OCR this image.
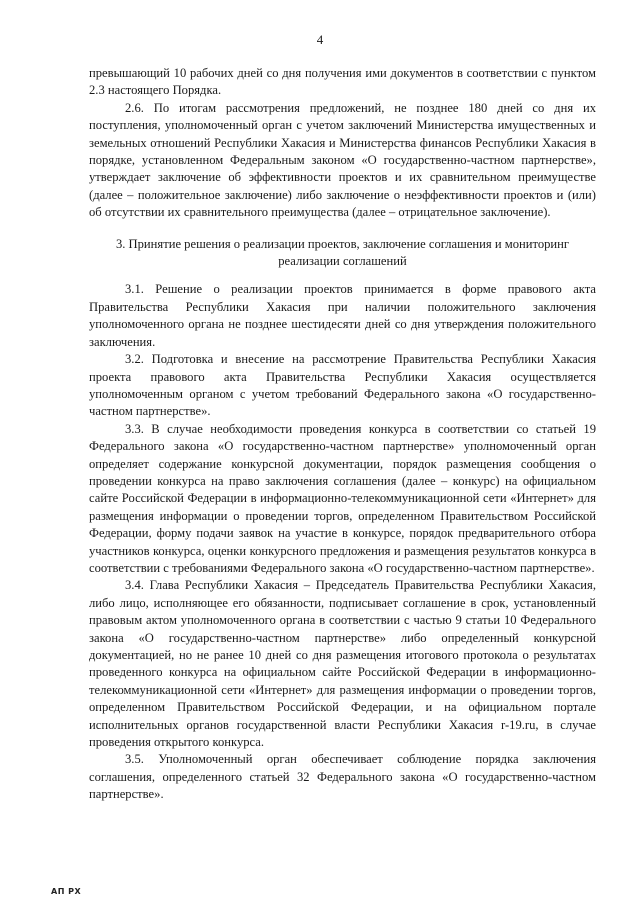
4

превышающий 10 рабочих дней со дня получения ими документов в соответствии с пунктом 2.3 настоящего Порядка.

2.6. По итогам рассмотрения предложений, не позднее 180 дней со дня их поступления, уполномоченный орган с учетом заключений Министерства имущественных и земельных отношений Республики Хакасия и Министерства финансов Республики Хакасия в порядке, установленном Федеральным законом «О государственно-частном партнерстве», утверждает заключение об эффективности проектов и их сравнительном преимуществе (далее – положительное заключение) либо заключение о неэффективности проектов и (или) об отсутствии их сравнительного преимущества (далее – отрицательное заключение).

3. Принятие решения о реализации проектов, заключение соглашения и мониторинг реализации соглашений

3.1. Решение о реализации проектов принимается в форме правового акта Правительства Республики Хакасия при наличии положительного заключения уполномоченного органа не позднее шестидесяти дней со дня утверждения положительного заключения.

3.2. Подготовка и внесение на рассмотрение Правительства Республики Хакасия проекта правового акта Правительства Республики Хакасия осуществляется уполномоченным органом с учетом требований Федерального закона «О государственно-частном партнерстве».

3.3. В случае необходимости проведения конкурса в соответствии со статьей 19 Федерального закона «О государственно-частном партнерстве» уполномоченный орган определяет содержание конкурсной документации, порядок размещения сообщения о проведении конкурса на право заключения соглашения (далее – конкурс) на официальном сайте Российской Федерации в информационно-телекоммуникационной сети «Интернет» для размещения информации о проведении торгов, определенном Правительством Российской Федерации, форму подачи заявок на участие в конкурсе, порядок предварительного отбора участников конкурса, оценки конкурсного предложения и размещения результатов конкурса в соответствии с требованиями Федерального закона «О государственно-частном партнерстве».

3.4. Глава Республики Хакасия – Председатель Правительства Республики Хакасия, либо лицо, исполняющее его обязанности, подписывает соглашение в срок, установленный правовым актом уполномоченного органа в соответствии с частью 9 статьи 10 Федерального закона «О государственно-частном партнерстве» либо определенный конкурсной документацией, но не ранее 10 дней со дня размещения итогового протокола о результатах проведенного конкурса на официальном сайте Российской Федерации в информационно-телекоммуникационной сети «Интернет» для размещения информации о проведении торгов, определенном Правительством Российской Федерации, и на официальном портале исполнительных органов государственной власти Республики Хакасия r-19.ru, в случае проведения открытого конкурса.

3.5. Уполномоченный орган обеспечивает соблюдение порядка заключения соглашения, определенного статьей 32 Федерального закона «О государственно-частном партнерстве».

АП РХ
